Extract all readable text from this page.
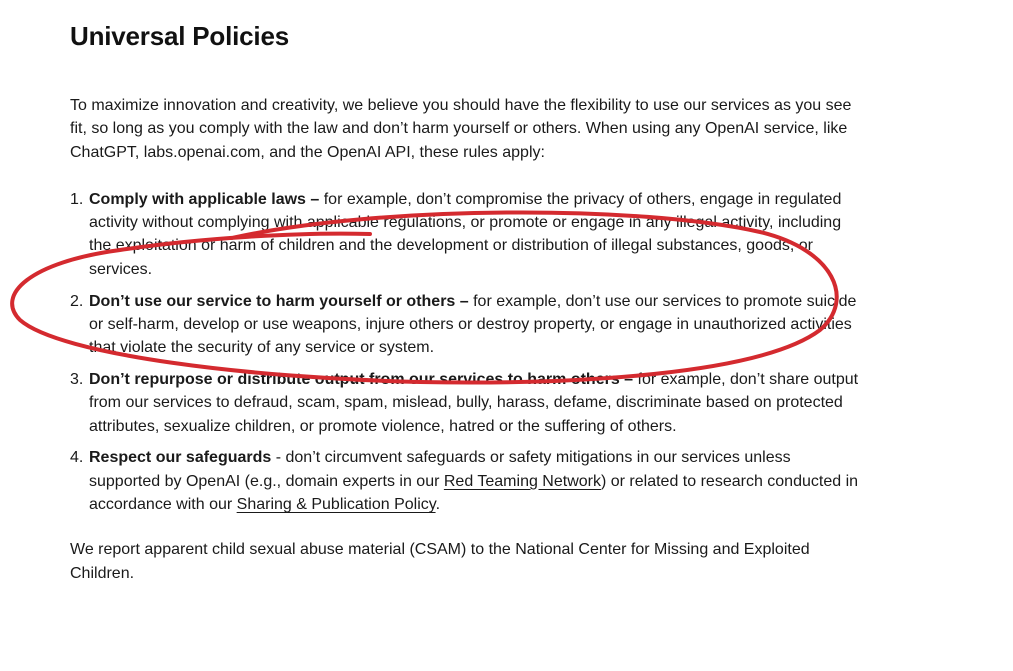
Universal Policies

To maximize innovation and creativity, we believe you should have the flexibility to use our services as you see fit, so long as you comply with the law and don’t harm yourself or others. When using any OpenAI service, like ChatGPT, labs.openai.com, and the OpenAI API, these rules apply:

1. Comply with applicable laws – for example, don’t compromise the privacy of others, engage in regulated activity without complying with applicable regulations, or promote or engage in any illegal activity, including the exploitation or harm of children and the development or distribution of illegal substances, goods, or services.
2. Don’t use our service to harm yourself or others – for example, don’t use our services to promote suicide or self-harm, develop or use weapons, injure others or destroy property, or engage in unauthorized activities that violate the security of any service or system.
3. Don’t repurpose or distribute output from our services to harm others – for example, don’t share output from our services to defraud, scam, spam, mislead, bully, harass, defame, discriminate based on protected attributes, sexualize children, or promote violence, hatred or the suffering of others.
4. Respect our safeguards - don’t circumvent safeguards or safety mitigations in our services unless supported by OpenAI (e.g., domain experts in our Red Teaming Network) or related to research conducted in accordance with our Sharing & Publication Policy.

We report apparent child sexual abuse material (CSAM) to the National Center for Missing and Exploited Children.
